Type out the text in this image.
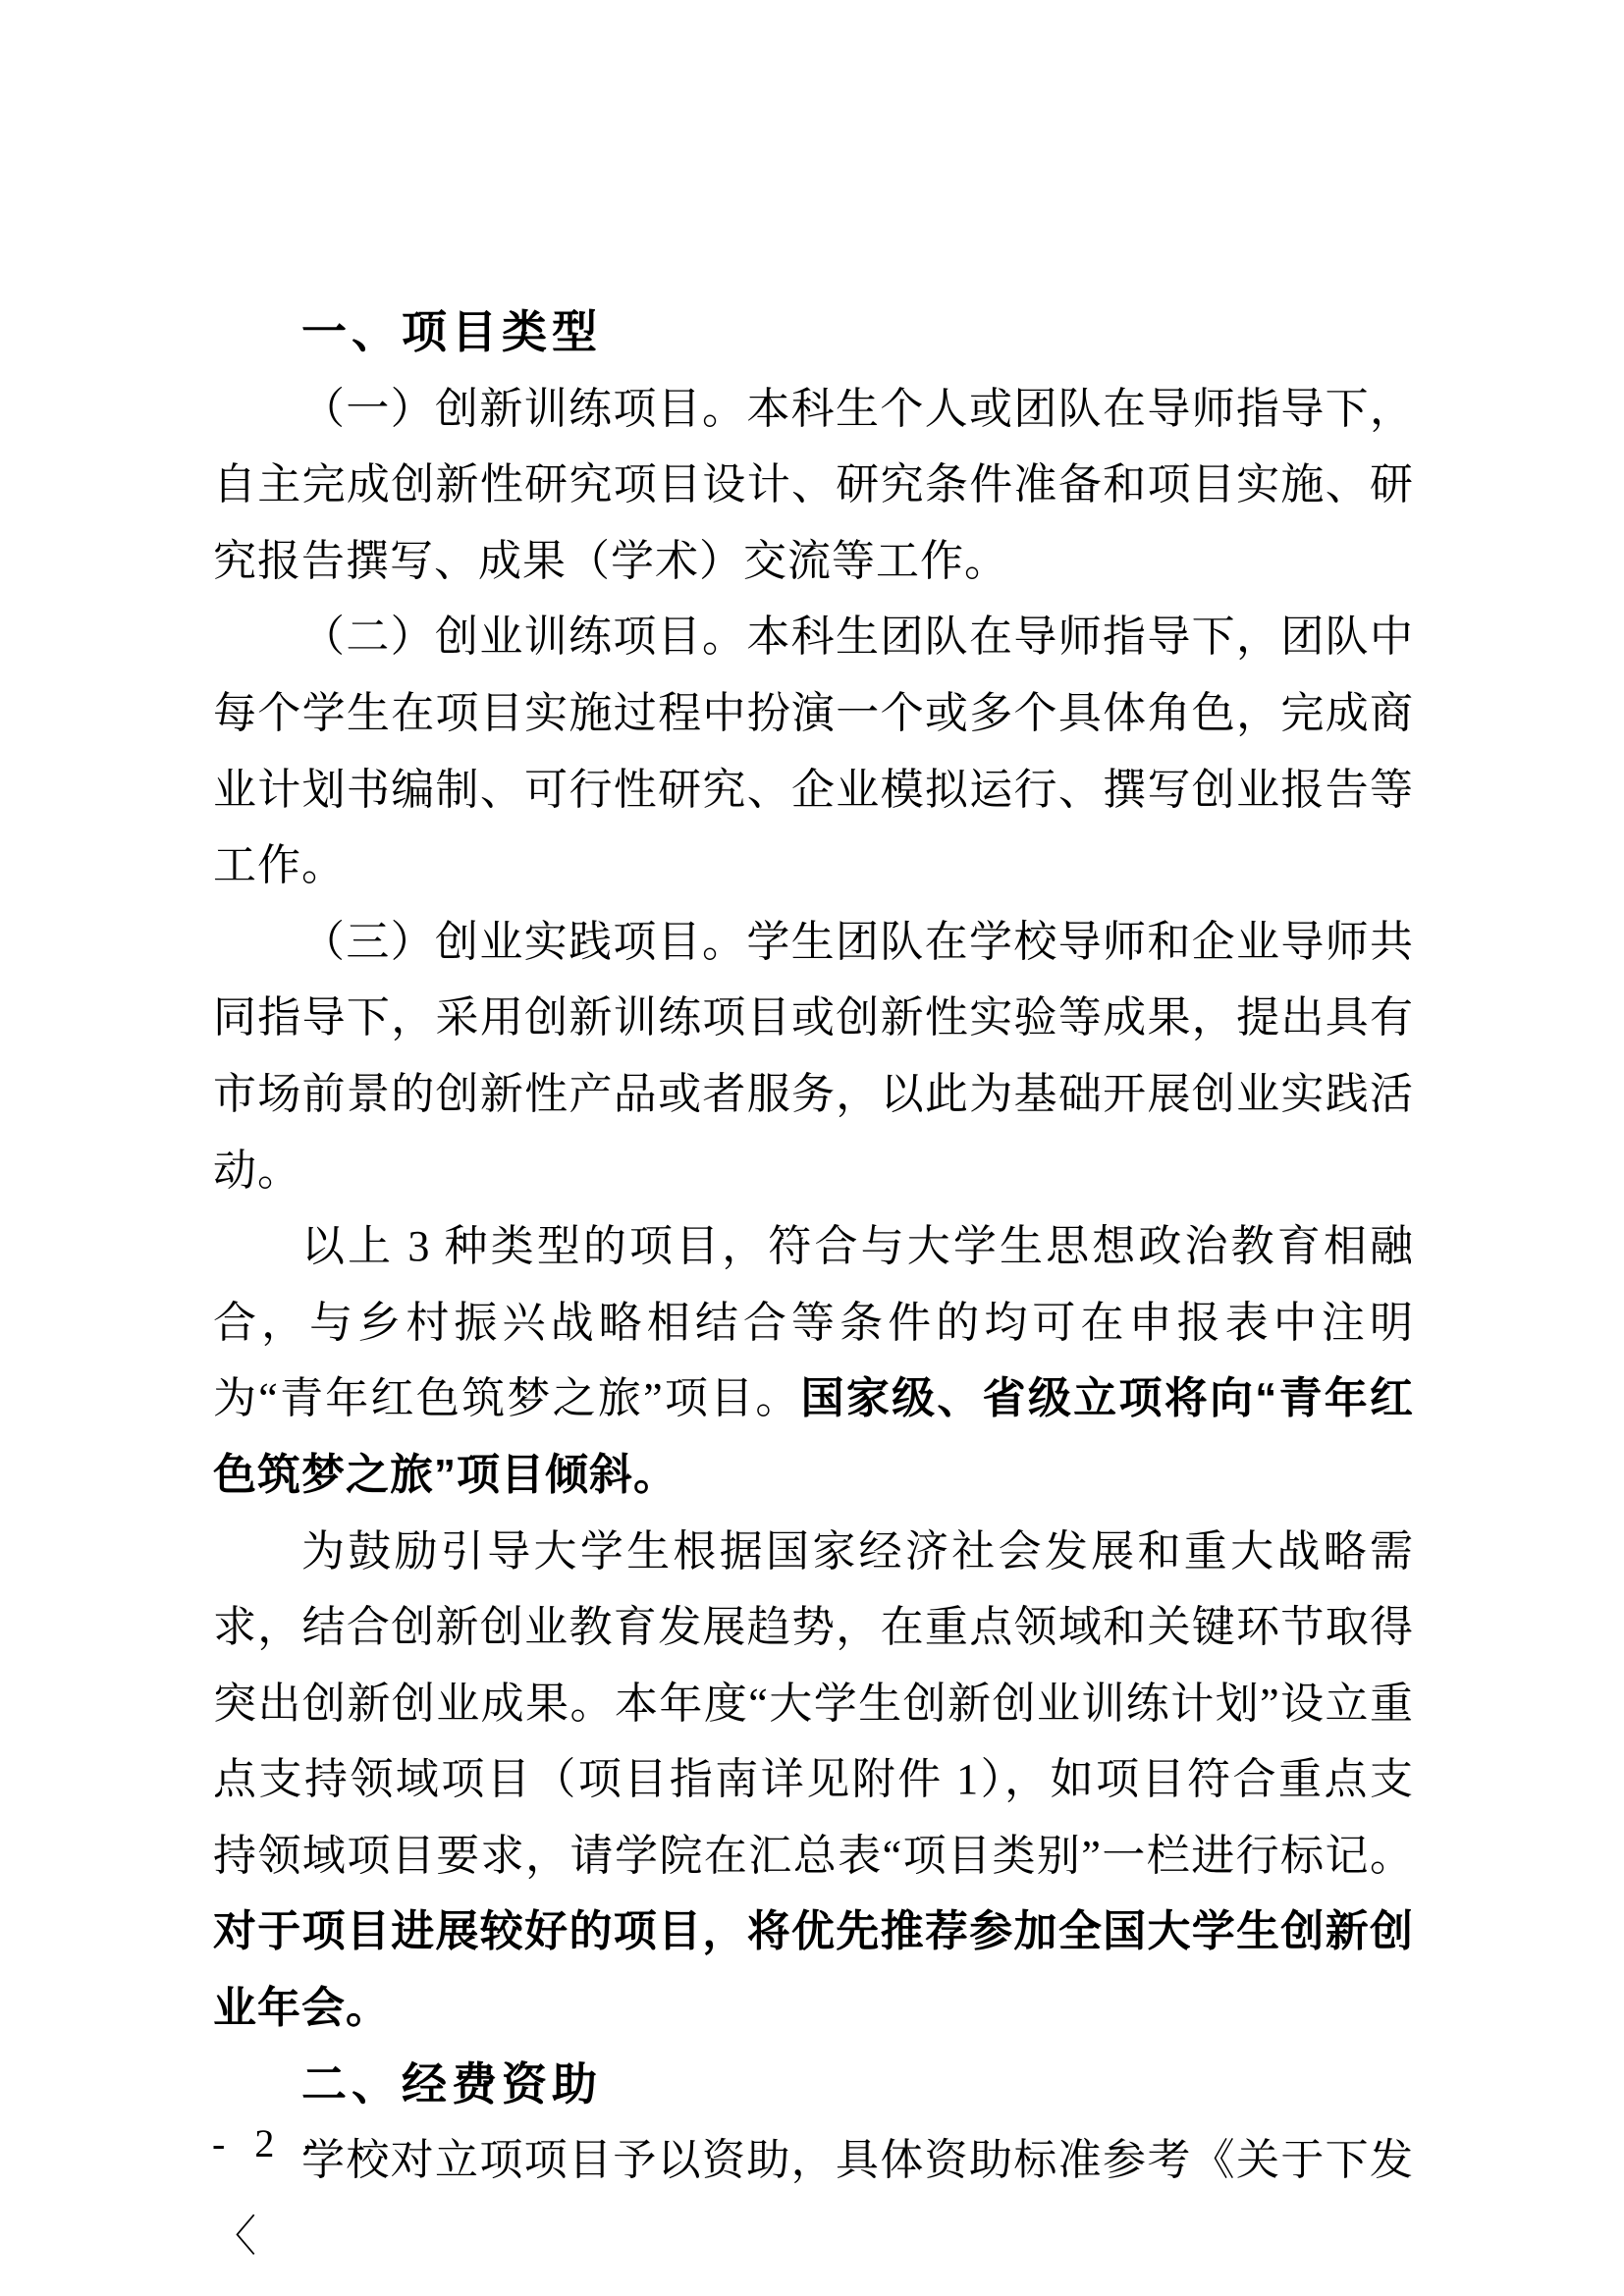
一、项目类型

（一）创新训练项目。本科生个人或团队在导师指导下，自主完成创新性研究项目设计、研究条件准备和项目实施、研究报告撰写、成果（学术）交流等工作。

（二）创业训练项目。本科生团队在导师指导下，团队中每个学生在项目实施过程中扮演一个或多个具体角色，完成商业计划书编制、可行性研究、企业模拟运行、撰写创业报告等工作。

（三）创业实践项目。学生团队在学校导师和企业导师共同指导下，采用创新训练项目或创新性实验等成果，提出具有市场前景的创新性产品或者服务，以此为基础开展创业实践活动。

以上 3 种类型的项目，符合与大学生思想政治教育相融合，与乡村振兴战略相结合等条件的均可在申报表中注明为“青年红色筑梦之旅”项目。国家级、省级立项将向“青年红色筑梦之旅”项目倾斜。

为鼓励引导大学生根据国家经济社会发展和重大战略需求，结合创新创业教育发展趋势，在重点领域和关键环节取得突出创新创业成果。本年度“大学生创新创业训练计划”设立重点支持领域项目（项目指南详见附件 1），如项目符合重点支持领域项目要求，请学院在汇总表“项目类别”一栏进行标记。对于项目进展较好的项目，将优先推荐参加全国大学生创新创业年会。

二、经费资助

学校对立项项目予以资助，具体资助标准参考《关于下发〈

- 2 -
